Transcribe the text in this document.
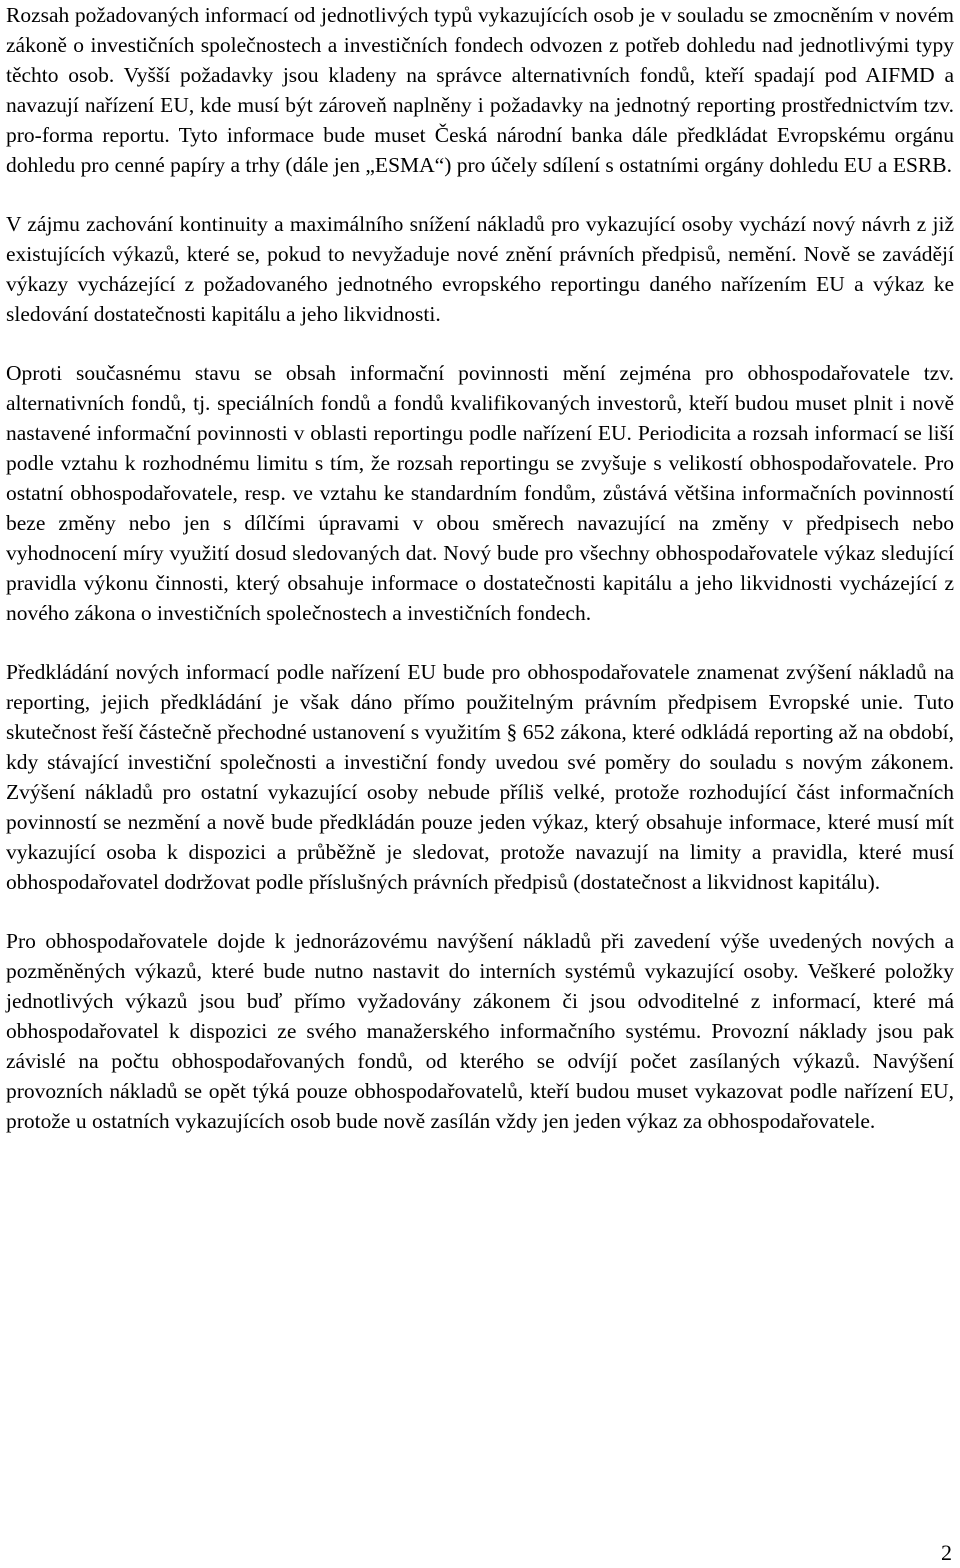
Rozsah požadovaných informací od jednotlivých typů vykazujících osob je v souladu se zmocněním v novém zákoně o investičních společnostech a investičních fondech odvozen z potřeb dohledu nad jednotlivými typy těchto osob. Vyšší požadavky jsou kladeny na správce alternativních fondů, kteří spadají pod AIFMD a navazují nařízení EU, kde musí být zároveň naplněny i požadavky na jednotný reporting prostřednictvím tzv. pro-forma reportu. Tyto informace bude muset Česká národní banka dále předkládat Evropskému orgánu dohledu pro cenné papíry a trhy (dále jen „ESMA“) pro účely sdílení s ostatními orgány dohledu EU a ESRB.

V zájmu zachování kontinuity a maximálního snížení nákladů pro vykazující osoby vychází nový návrh z již existujících výkazů, které se, pokud to nevyžaduje nové znění právních předpisů, nemění. Nově se zavádějí výkazy vycházející z požadovaného jednotného evropského reportingu daného nařízením EU a výkaz ke sledování dostatečnosti kapitálu a jeho likvidnosti.

Oproti současnému stavu se obsah informační povinnosti mění zejména pro obhospodařovatele tzv. alternativních fondů, tj. speciálních fondů a fondů kvalifikovaných investorů, kteří budou muset plnit i nově nastavené informační povinnosti v oblasti reportingu podle nařízení EU. Periodicita a rozsah informací se liší podle vztahu k rozhodnému limitu s tím, že rozsah reportingu se zvyšuje s velikostí obhospodařovatele. Pro ostatní obhospodařovatele, resp. ve vztahu ke standardním fondům, zůstává většina informačních povinností beze změny nebo jen s dílčími úpravami v obou směrech navazující na změny v předpisech nebo vyhodnocení míry využití dosud sledovaných dat. Nový bude pro všechny obhospodařovatele výkaz sledující pravidla výkonu činnosti, který obsahuje informace o dostatečnosti kapitálu a jeho likvidnosti vycházející z nového zákona o investičních společnostech a investičních fondech.

Předkládání nových informací podle nařízení EU bude pro obhospodařovatele znamenat zvýšení nákladů na reporting, jejich předkládání je však dáno přímo použitelným právním předpisem Evropské unie. Tuto skutečnost řeší částečně přechodné ustanovení s využitím § 652 zákona, které odkládá reporting až na období, kdy stávající investiční společnosti a investiční fondy uvedou své poměry do souladu s novým zákonem. Zvýšení nákladů pro ostatní vykazující osoby nebude příliš velké, protože rozhodující část informačních povinností se nezmění a nově bude předkládán pouze jeden výkaz, který obsahuje informace, které musí mít vykazující osoba k dispozici a průběžně je sledovat, protože navazují na limity a pravidla, které musí obhospodařovatel dodržovat podle příslušných právních předpisů (dostatečnost a likvidnost kapitálu).

Pro obhospodařovatele dojde k jednorázovému navýšení nákladů při zavedení výše uvedených nových a pozměněných výkazů, které bude nutno nastavit do interních systémů vykazující osoby. Veškeré položky jednotlivých výkazů jsou buď přímo vyžadovány zákonem či jsou odvoditelné z informací, které má obhospodařovatel k dispozici ze svého manažerského informačního systému. Provozní náklady jsou pak závislé na počtu obhospodařovaných fondů, od kterého se odvíjí počet zasílaných výkazů. Navýšení provozních nákladů se opět týká pouze obhospodařovatelů, kteří budou muset vykazovat podle nařízení EU, protože u ostatních vykazujících osob bude nově zasílán vždy jen jeden výkaz za obhospodařovatele.

2
